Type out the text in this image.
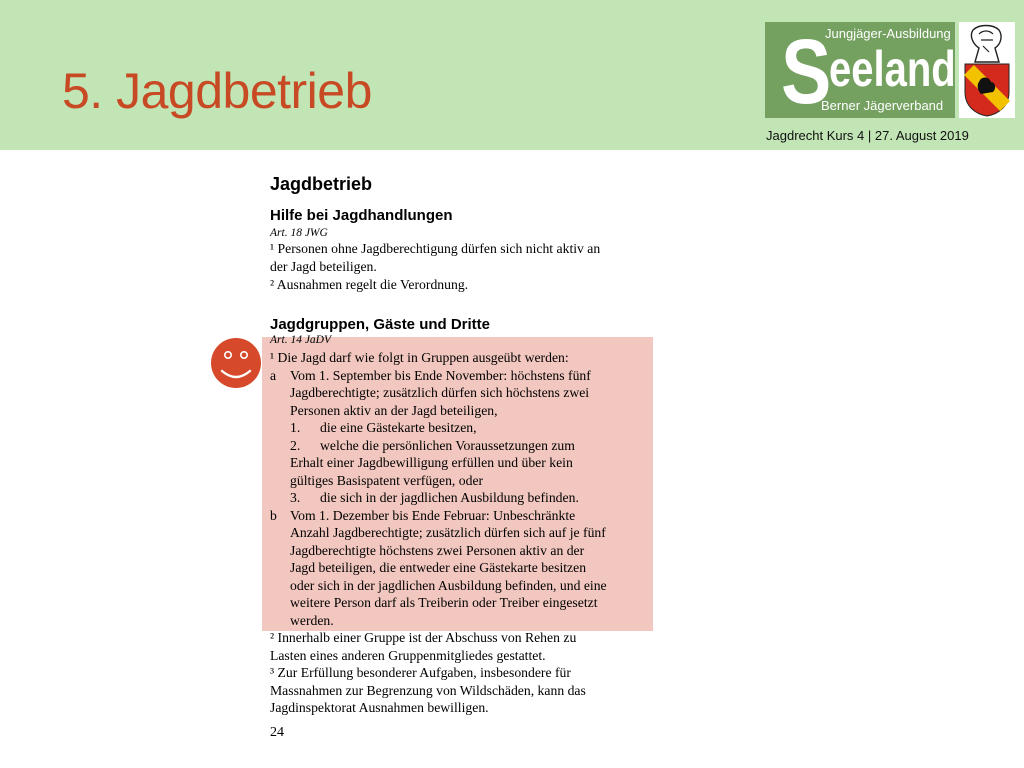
5. Jagdbetrieb
Jungjäger-Ausbildung
S
eeland
Berner Jägerverband
Jagdrecht Kurs 4 | 27. August 2019
Jagdbetrieb
Hilfe bei Jagdhandlungen
Art. 18 JWG
¹ Personen ohne Jagdberechtigung dürfen sich nicht aktiv an
der Jagd beteiligen.
² Ausnahmen regelt die Verordnung.
Jagdgruppen, Gäste und Dritte
Art. 14 JaDV
¹ Die Jagd darf wie folgt in Gruppen ausgeübt werden:
a Vom 1. September bis Ende November: höchstens fünf
Jagdberechtigte; zusätzlich dürfen sich höchstens zwei
Personen aktiv an der Jagd beteiligen,
1. die eine Gästekarte besitzen,
2. welche die persönlichen Voraussetzungen zum
Erhalt einer Jagdbewilligung erfüllen und über kein
gültiges Basispatent verfügen, oder
3. die sich in der jagdlichen Ausbildung befinden.
b Vom 1. Dezember bis Ende Februar: Unbeschränkte
Anzahl Jagdberechtigte; zusätzlich dürfen sich auf je fünf
Jagdberechtigte höchstens zwei Personen aktiv an der
Jagd beteiligen, die entweder eine Gästekarte besitzen
oder sich in der jagdlichen Ausbildung befinden, und eine
weitere Person darf als Treiberin oder Treiber eingesetzt
werden.
² Innerhalb einer Gruppe ist der Abschuss von Rehen zu
Lasten eines anderen Gruppenmitgliedes gestattet.
³ Zur Erfüllung besonderer Aufgaben, insbesondere für
Massnahmen zur Begrenzung von Wildschäden, kann das
Jagdinspektorat Ausnahmen bewilligen.
24
